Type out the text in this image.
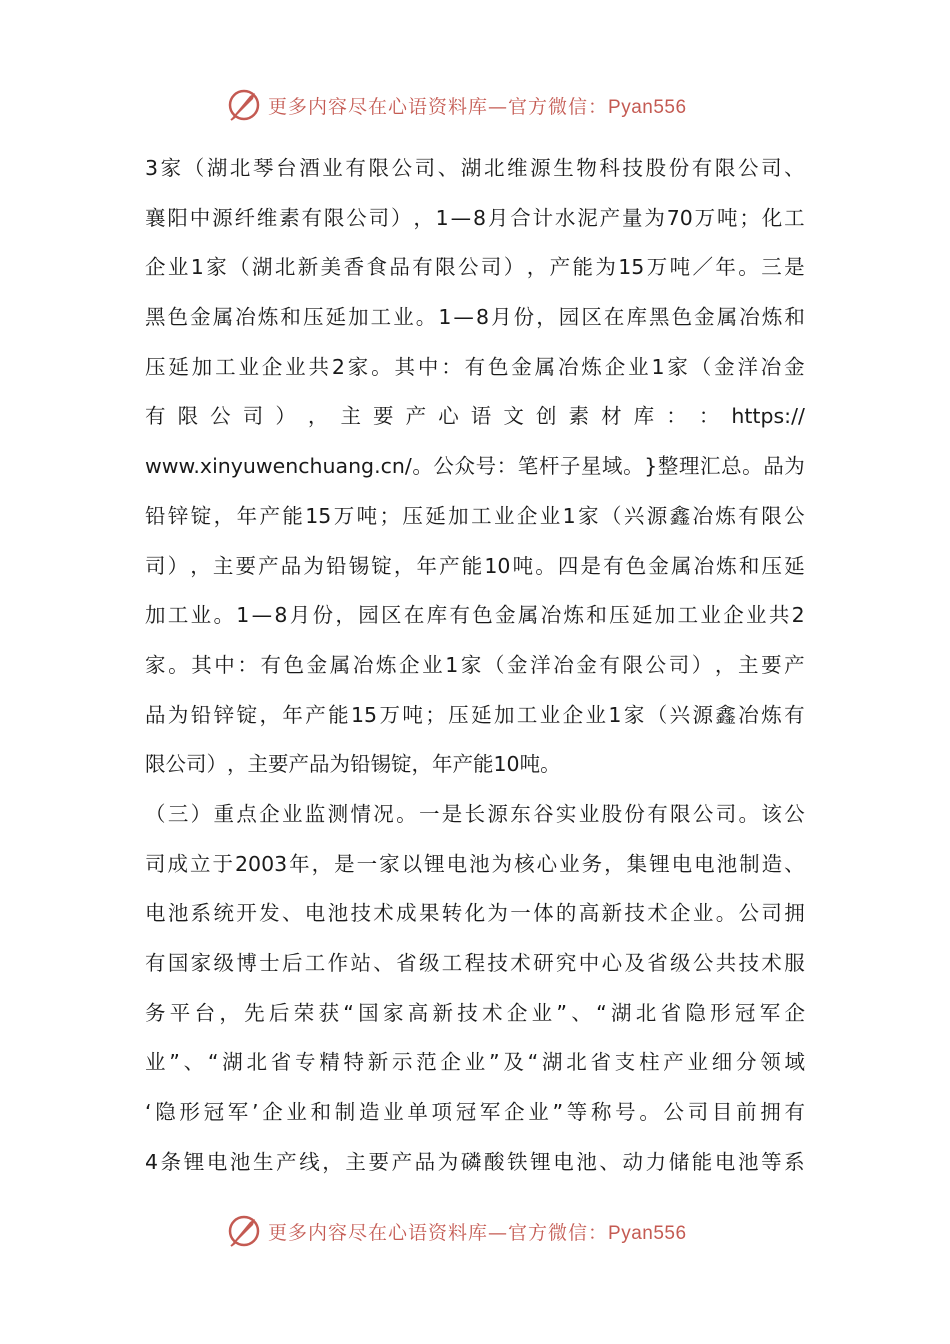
更多内容尽在心语资料库—官方微信：Pyan556
3 家 （ 湖 北 琴 台 酒 业 有 限 公 司 、 湖 北 维 源 生 物 科 技 股 份 有 限 公 司 、
襄 阳 中 源 纤 维 素 有 限 公 司 ） ， 1 — 8 月 合 计 水 泥 产 量 为 70 万 吨 ； 化 工
企 业 1 家 （ 湖 北 新 美 香 食 品 有 限 公 司 ） ， 产 能 为 15 万 吨 ／ 年 。 三 是
黑 色 金 属 冶 炼 和 压 延 加 工 业 。 1 — 8 月 份 ， 园 区 在 库 黑 色 金 属 冶 炼 和
压 延 加 工 业 企 业 共 2 家 。 其 中 ： 有 色 金 属 冶 炼 企 业 1 家 （ 金 洋 冶 金
有 限 公 司 ） ， 主 要 产 心 语 文 创 素 材 库 ： ： https://
www.xinyuwenchuang.cn/ 。 公 众 号 ： 笔 杆 子 星 域 。 } 整 理 汇 总 。 品 为
铅 锌 锭 ， 年 产 能 15 万 吨 ； 压 延 加 工 业 企 业 1 家 （ 兴 源 鑫 冶 炼 有 限 公
司 ） ， 主 要 产 品 为 铅 锡 锭 ， 年 产 能 10 吨 。 四 是 有 色 金 属 冶 炼 和 压 延
加 工 业 。 1 — 8 月 份 ， 园 区 在 库 有 色 金 属 冶 炼 和 压 延 加 工 业 企 业 共 2
家 。 其 中 ： 有 色 金 属 冶 炼 企 业 1 家 （ 金 洋 冶 金 有 限 公 司 ） ， 主 要 产
品 为 铅 锌 锭 ， 年 产 能 15 万 吨 ； 压 延 加 工 业 企 业 1 家 （ 兴 源 鑫 冶 炼 有
限 公 司 ） ， 主 要 产 品 为 铅 锡 锭 ， 年 产 能 10 吨 。
（ 三 ） 重 点 企 业 监 测 情 况 。 一 是 长 源 东 谷 实 业 股 份 有 限 公 司 。 该 公
司 成 立 于 2003 年 ， 是 一 家 以 锂 电 池 为 核 心 业 务 ， 集 锂 电 电 池 制 造 、
电 池 系 统 开 发 、 电 池 技 术 成 果 转 化 为 一 体 的 高 新 技 术 企 业 。 公 司 拥
有 国 家 级 博 士 后 工 作 站 、 省 级 工 程 技 术 研 究 中 心 及 省 级 公 共 技 术 服
务 平 台 ， 先 后 荣 获 “ 国 家 高 新 技 术 企 业 ” 、 “ 湖 北 省 隐 形 冠 军 企
业 ” 、 “ 湖 北 省 专 精 特 新 示 范 企 业 ” 及 “ 湖 北 省 支 柱 产 业 细 分 领 域
‘ 隐 形 冠 军 ’ 企 业 和 制 造 业 单 项 冠 军 企 业 ” 等 称 号 。 公 司 目 前 拥 有
4 条 锂 电 池 生 产 线 ， 主 要 产 品 为 磷 酸 铁 锂 电 池 、 动 力 储 能 电 池 等 系
更多内容尽在心语资料库—官方微信：Pyan556
